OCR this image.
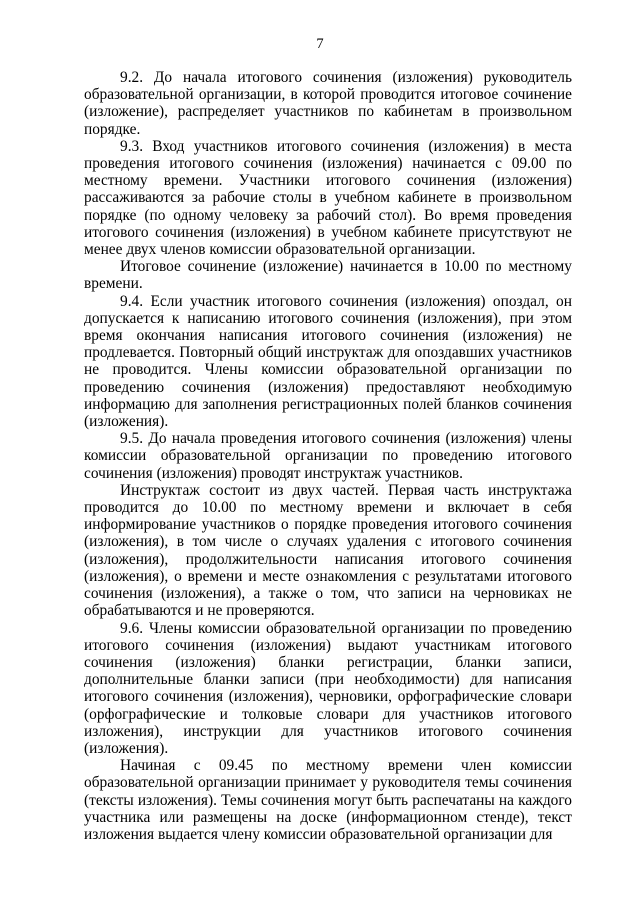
7

9.2. До начала итогового сочинения (изложения) руководитель образовательной организации, в которой проводится итоговое сочинение (изложение), распределяет участников по кабинетам в произвольном порядке.

9.3. Вход участников итогового сочинения (изложения) в места проведения итогового сочинения (изложения) начинается с 09.00 по местному времени. Участники итогового сочинения (изложения) рассаживаются за рабочие столы в учебном кабинете в произвольном порядке (по одному человеку за рабочий стол). Во время проведения итогового сочинения (изложения) в учебном кабинете присутствуют не менее двух членов комиссии образовательной организации.

Итоговое сочинение (изложение) начинается в 10.00 по местному времени.

9.4. Если участник итогового сочинения (изложения) опоздал, он допускается к написанию итогового сочинения (изложения), при этом время окончания написания итогового сочинения (изложения) не продлевается. Повторный общий инструктаж для опоздавших участников не проводится. Члены комиссии образовательной организации по проведению сочинения (изложения) предоставляют необходимую информацию для заполнения регистрационных полей бланков сочинения (изложения).

9.5. До начала проведения итогового сочинения (изложения) члены комиссии образовательной организации по проведению итогового сочинения (изложения) проводят инструктаж участников.

Инструктаж состоит из двух частей. Первая часть инструктажа проводится до 10.00 по местному времени и включает в себя информирование участников о порядке проведения итогового сочинения (изложения), в том числе о случаях удаления с итогового сочинения (изложения), продолжительности написания итогового сочинения (изложения), о времени и месте ознакомления с результатами итогового сочинения (изложения), а также о том, что записи на черновиках не обрабатываются и не проверяются.

9.6. Члены комиссии образовательной организации по проведению итогового сочинения (изложения) выдают участникам итогового сочинения (изложения) бланки регистрации, бланки записи, дополнительные бланки записи (при необходимости) для написания итогового сочинения (изложения), черновики, орфографические словари (орфографические и толковые словари для участников итогового изложения), инструкции для участников итогового сочинения (изложения).

Начиная с 09.45 по местному времени член комиссии образовательной организации принимает у руководителя темы сочинения (тексты изложения). Темы сочинения могут быть распечатаны на каждого участника или размещены на доске (информационном стенде), текст изложения выдается члену комиссии образовательной организации для
